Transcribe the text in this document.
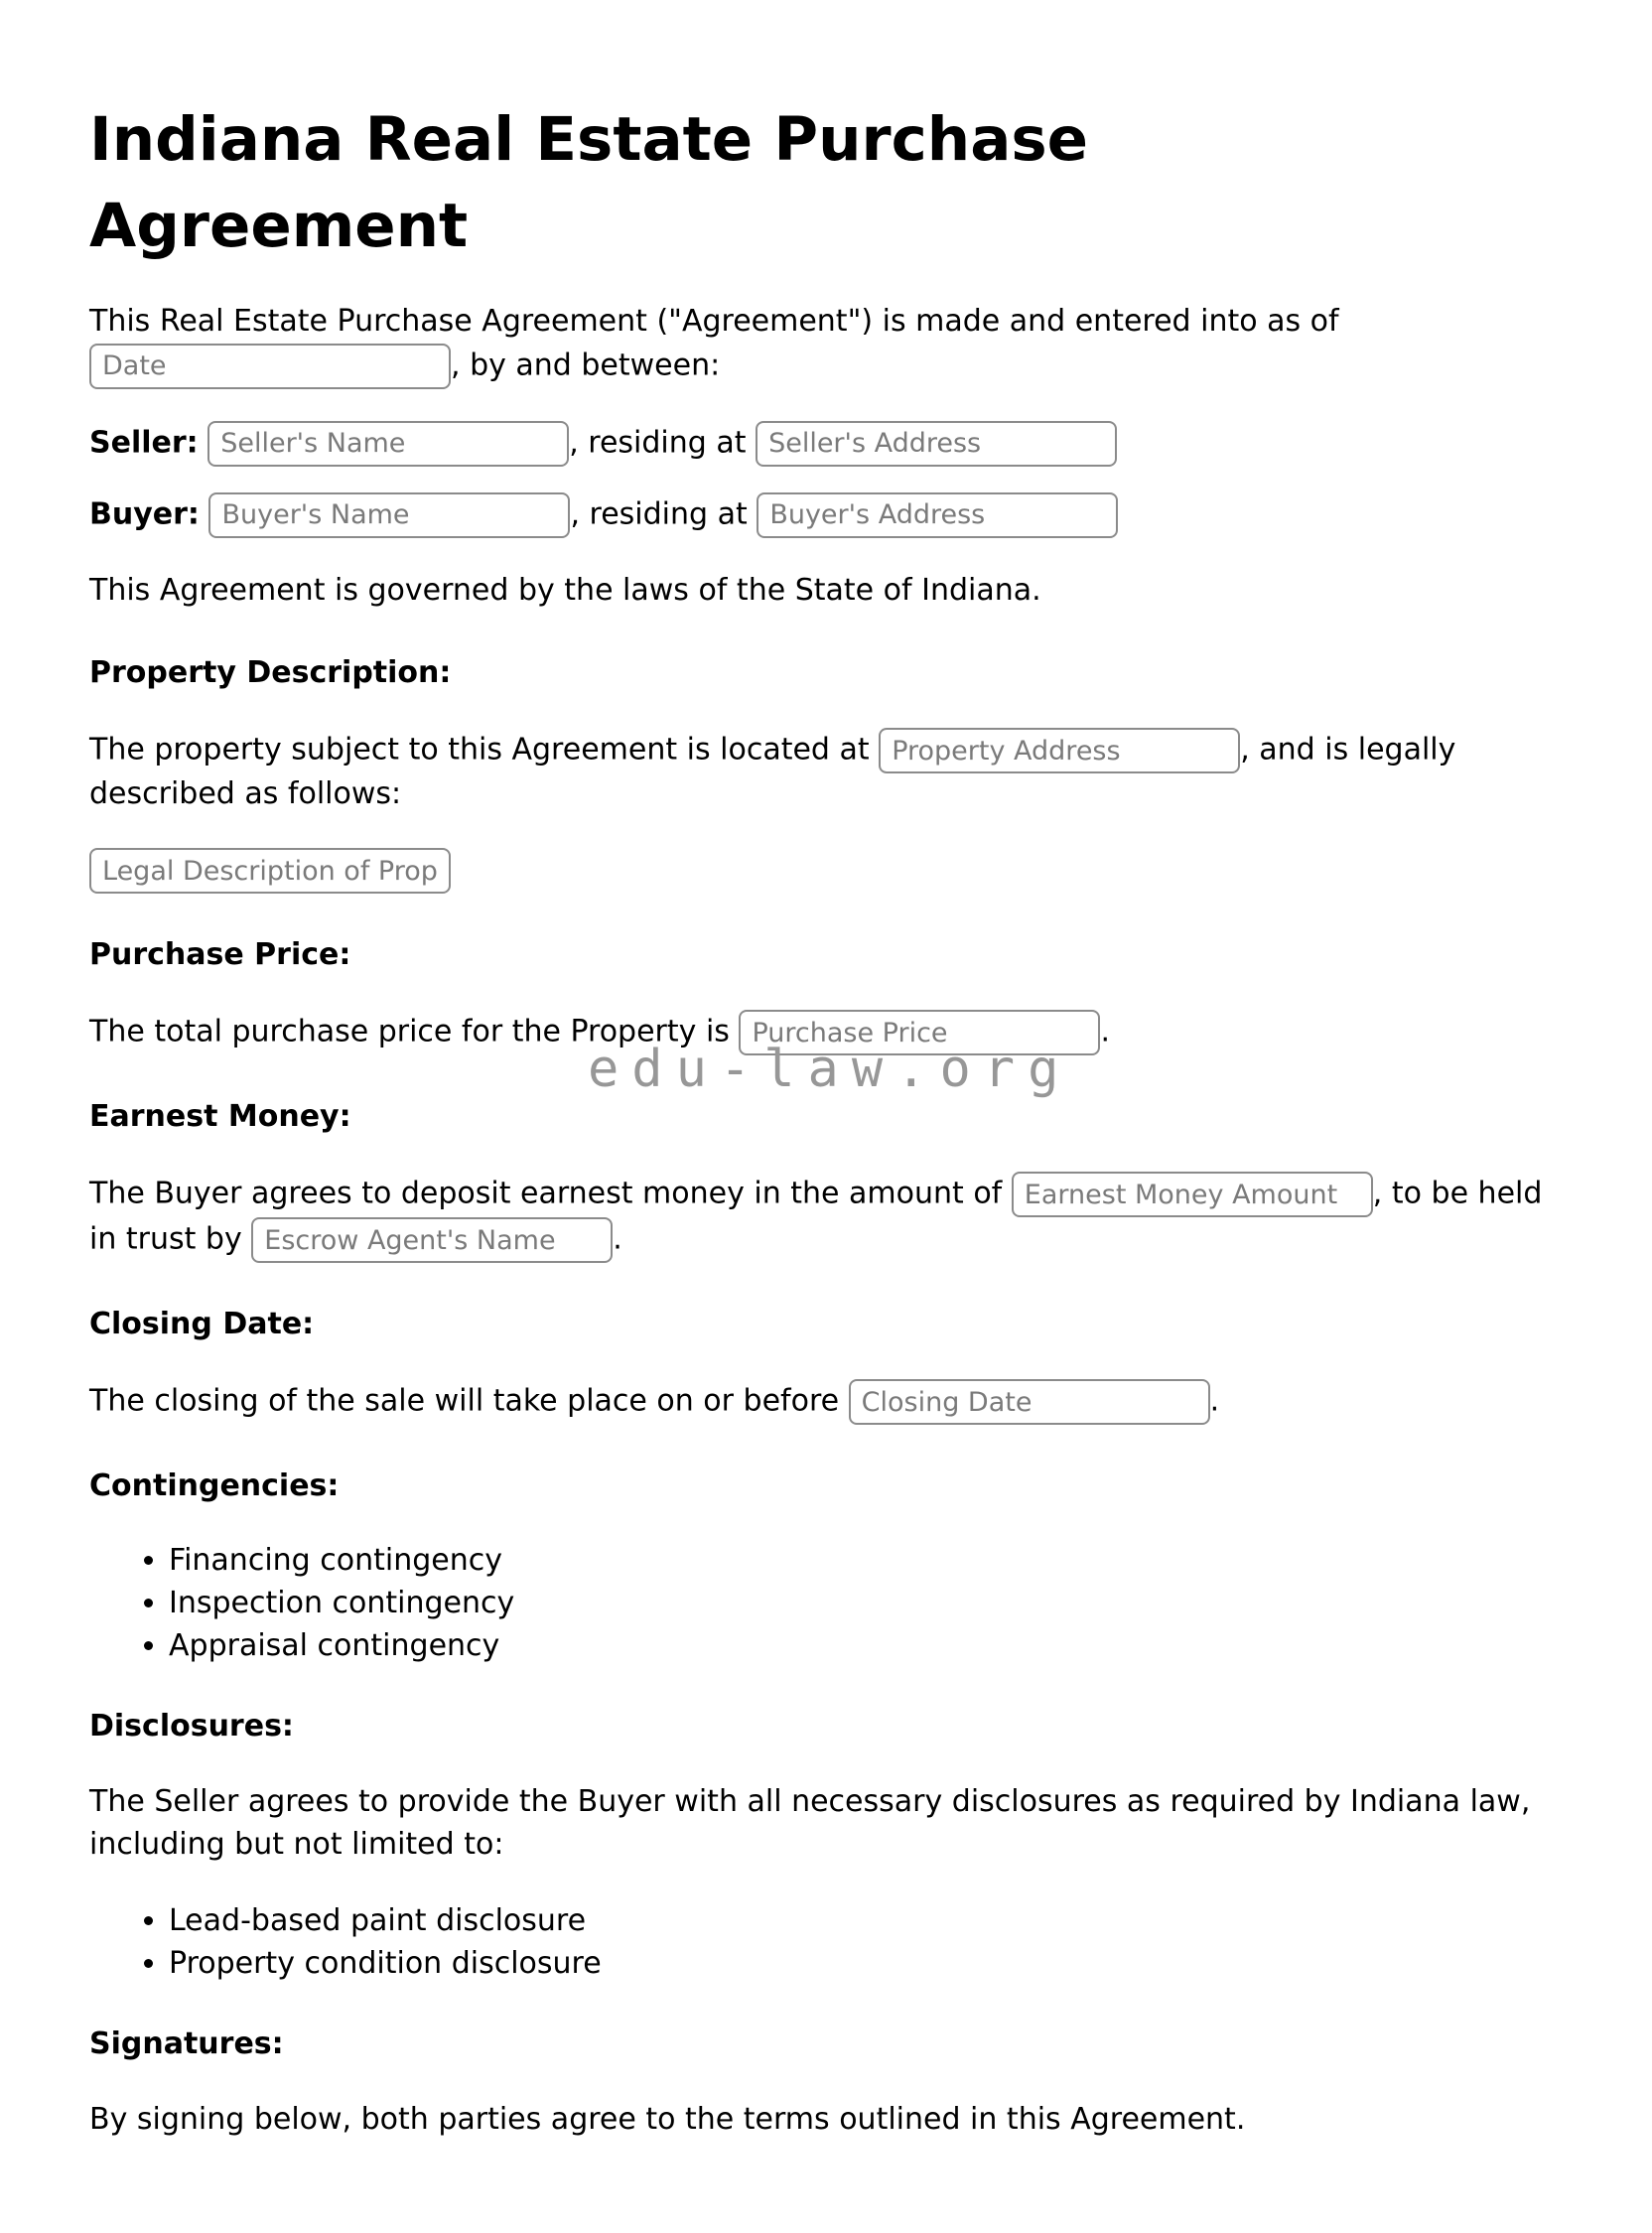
edu-law.org
Indiana Real Estate Purchase Agreement

This Real Estate Purchase Agreement ("Agreement") is made and entered into as of Date, by and between:

Seller: Seller's Name	, residing at Seller's Address

Buyer: Buyer's Name	, residing at Buyer's Address

This Agreement is governed by the laws of the State of Indiana.

Property Description:

The property subject to this Agreement is located at Property Address	, and is legally described as follows:

Legal Description of Property

Purchase Price:

The total purchase price for the Property is Purchase Price	.

Earnest Money:

The Buyer agrees to deposit earnest money in the amount of Earnest Money Amount	, to be held in trust by Escrow Agent's Name	.

Closing Date:

The closing of the sale will take place on or before Closing Date	.

Contingencies:
• Financing contingency
• Inspection contingency
• Appraisal contingency
Disclosures:

The Seller agrees to provide the Buyer with all necessary disclosures as required by Indiana law, including but not limited to:

• Lead-based paint disclosure
• Property condition disclosure
Signatures:

By signing below, both parties agree to the terms outlined in this Agreement.
